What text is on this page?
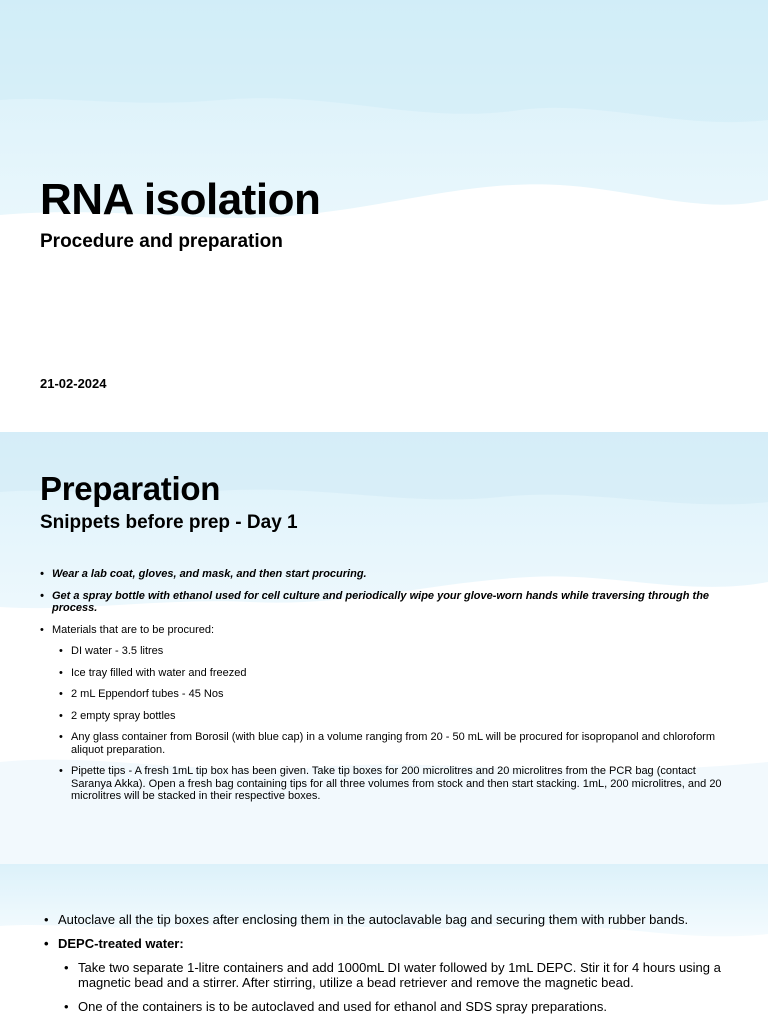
RNA isolation
Procedure and preparation

21-02-2024

Preparation
Snippets before prep - Day 1
• Wear a lab coat, gloves, and mask, and then start procuring.
• Get a spray bottle with ethanol used for cell culture and periodically wipe your glove-worn hands while traversing through the process.
• Materials that are to be procured:
• DI water - 3.5 litres
• Ice tray filled with water and freezed
• 2 mL Eppendorf tubes - 45 Nos
• 2 empty spray bottles
• Any glass container from Borosil (with blue cap) in a volume ranging from 20 - 50 mL will be procured for isopropanol and chloroform aliquot preparation.
• Pipette tips - A fresh 1mL tip box has been given. Take tip boxes for 200 microlitres and 20 microlitres from the PCR bag (contact Saranya Akka). Open a fresh bag containing tips for all three volumes from stock and then start stacking. 1mL, 200 microlitres, and 20 microlitres will be stacked in their respective boxes.
• Autoclave all the tip boxes after enclosing them in the autoclavable bag and securing them with rubber bands.
• DEPC-treated water:
• Take two separate 1-litre containers and add 1000mL DI water followed by 1mL DEPC. Stir it for 4 hours using a magnetic bead and a stirrer. After stirring, utilize a bead retriever and remove the magnetic bead.
• One of the containers is to be autoclaved and used for ethanol and SDS spray preparations.
